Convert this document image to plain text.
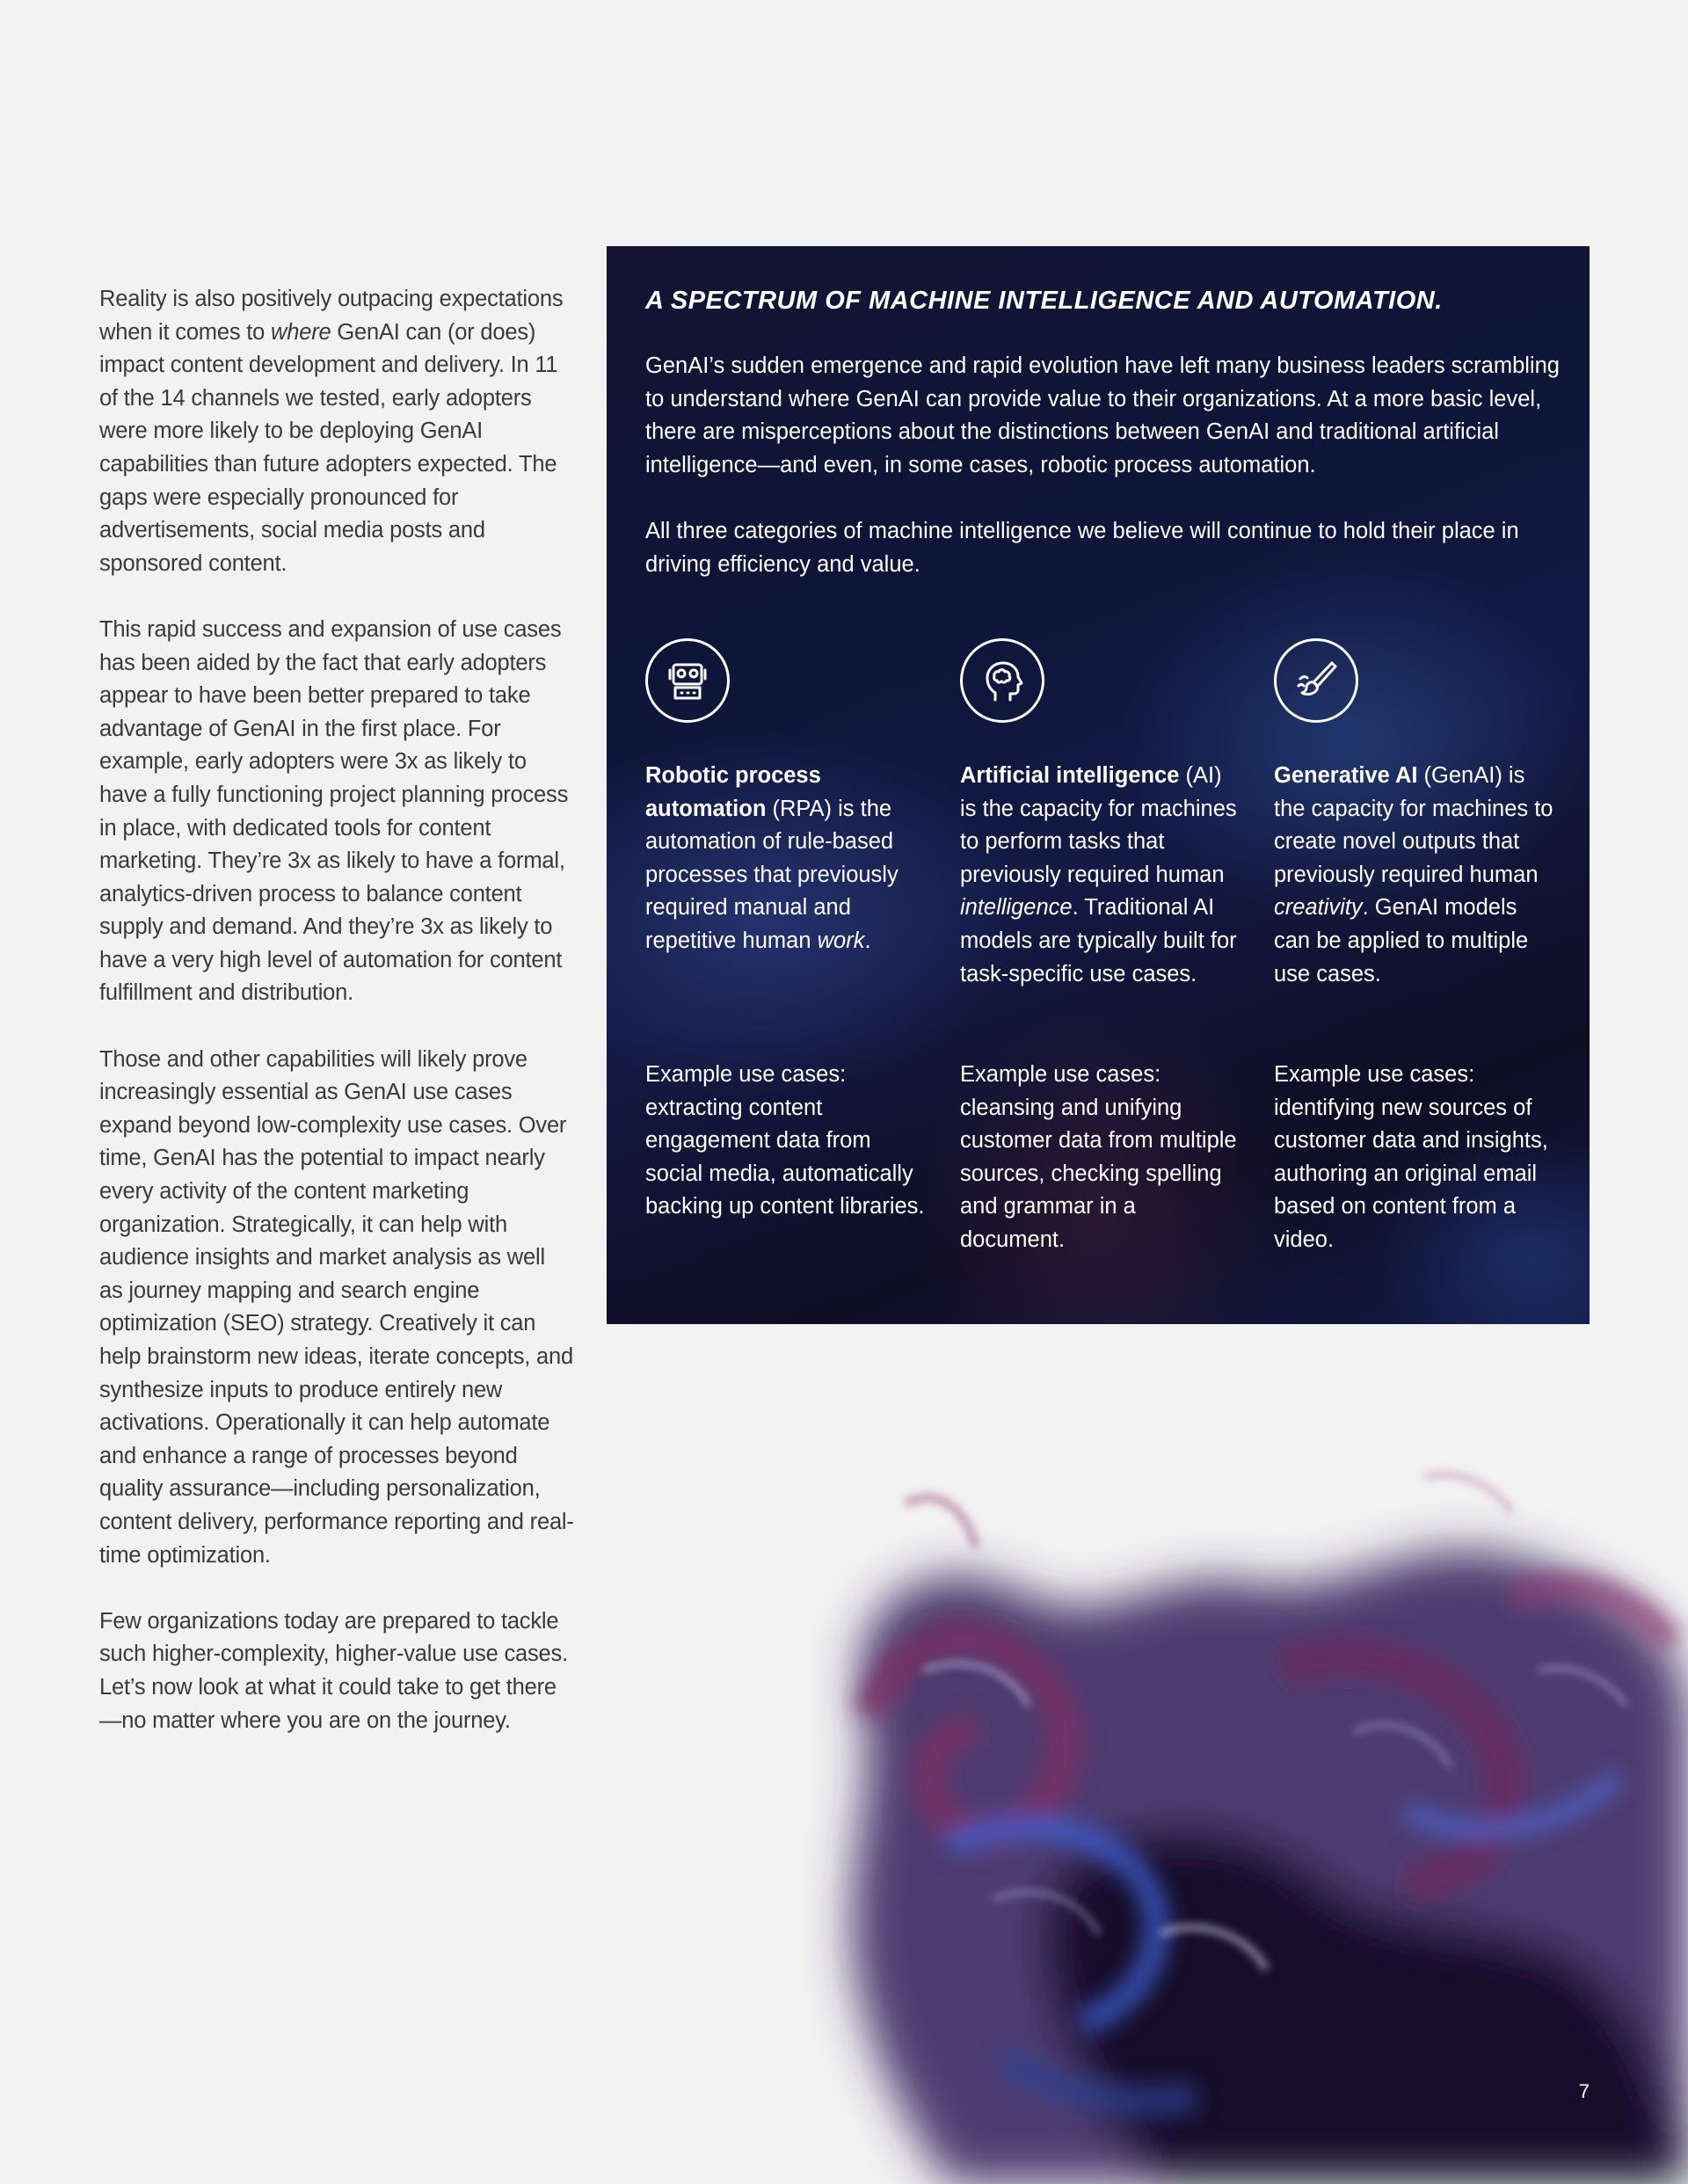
Reality is also positively outpacing expectations when it comes to where GenAI can (or does) impact content development and delivery. In 11 of the 14 channels we tested, early adopters were more likely to be deploying GenAI capabilities than future adopters expected. The gaps were especially pronounced for advertisements, social media posts and sponsored content.

This rapid success and expansion of use cases has been aided by the fact that early adopters appear to have been better prepared to take advantage of GenAI in the first place. For example, early adopters were 3x as likely to have a fully functioning project planning process in place, with dedicated tools for content marketing. They’re 3x as likely to have a formal, analytics-driven process to balance content supply and demand. And they’re 3x as likely to have a very high level of automation for content fulfillment and distribution.

Those and other capabilities will likely prove increasingly essential as GenAI use cases expand beyond low-complexity use cases. Over time, GenAI has the potential to impact nearly every activity of the content marketing organization. Strategically, it can help with audience insights and market analysis as well as journey mapping and search engine optimization (SEO) strategy. Creatively it can help brainstorm new ideas, iterate concepts, and synthesize inputs to produce entirely new activations. Operationally it can help automate and enhance a range of processes beyond quality assurance—including personalization, content delivery, performance reporting and real-time optimization.

Few organizations today are prepared to tackle such higher-complexity, higher-value use cases. Let’s now look at what it could take to get there—no matter where you are on the journey.

A SPECTRUM OF MACHINE INTELLIGENCE AND AUTOMATION.

GenAI’s sudden emergence and rapid evolution have left many business leaders scrambling to understand where GenAI can provide value to their organizations. At a more basic level, there are misperceptions about the distinctions between GenAI and traditional artificial intelligence—and even, in some cases, robotic process automation.

All three categories of machine intelligence we believe will continue to hold their place in driving efficiency and value.

Robotic process automation (RPA) is the automation of rule-based processes that previously required manual and repetitive human work.
Example use cases: extracting content engagement data from social media, automatically backing up content libraries.
Artificial intelligence (AI) is the capacity for machines to perform tasks that previously required human intelligence. Traditional AI models are typically built for task-specific use cases.
Example use cases: cleansing and unifying customer data from multiple sources, checking spelling and grammar in a document.
Generative AI (GenAI) is the capacity for machines to create novel outputs that previously required human creativity. GenAI models can be applied to multiple use cases.
Example use cases: identifying new sources of customer data and insights, authoring an original email based on content from a video.
7
